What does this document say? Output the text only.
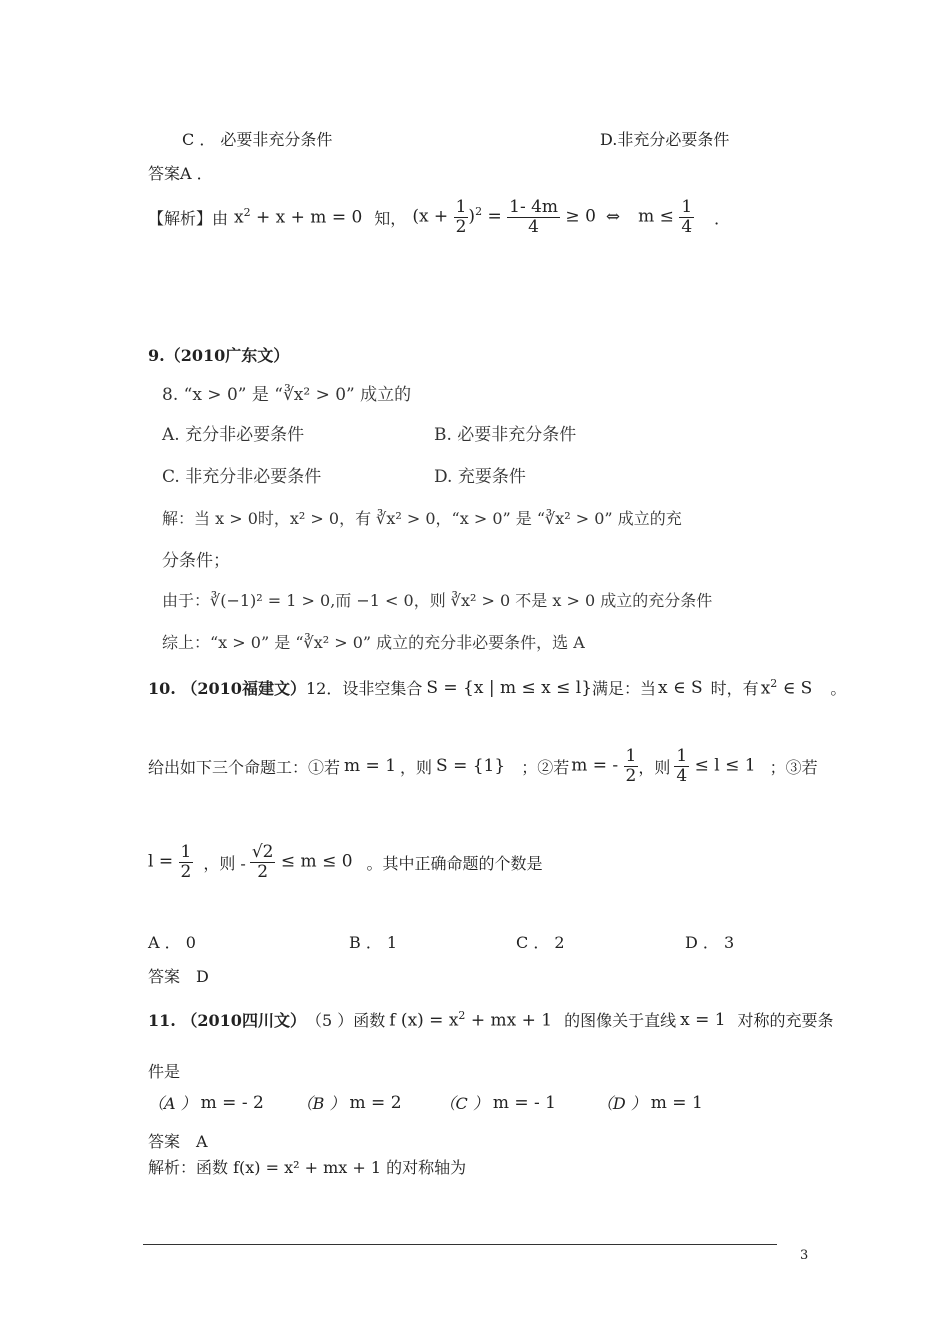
C ． 必要非充分条件	D.非充分必要条件
答案A ．
【解析】由 $x^2 + x + m = 0$ 知， $(x + \frac{1}{2} )^2 = \frac{1- 4m}{4} \ge 0$ ⇔ $m \le \frac{1}{4}$ ．
9.（2010广东文）
8. “x > 0” 是 “∛x² > 0” 成立的
A. 充分非必要条件	B. 必要非充分条件
C. 非充分非必要条件	D. 充要条件
解：当 x > 0时，x² > 0，有 ∛x² > 0，“x > 0” 是 “∛x² > 0” 成立的充
分条件；
由于：∛(−1)² = 1 > 0,而 −1 < 0，则 ∛x² > 0 不是 x > 0 成立的充分条件
综上：“x > 0” 是 “∛x² > 0” 成立的充分非必要条件，选 A
10. （2010福建文） 12．设非空集合 S = {x | m ≤ x ≤ l} 满足：当 x ∈ S 时，有 $x^2$ ∈ S 。
给出如下三个命题工：①若 m = 1 ，则 S = {1} ；②若 m = - $\frac{1}{2}$ ，则 $\frac{1}{4} \le l \le 1$ ；③若
$l = \frac{1}{2}$ ，则 - $\frac{√2}{2} \le m \le 0$ 。其中正确命题的个数是
A ． 0	B ． 1	C ． 2	D ． 3
答案　D
11. （2010四川文） （5 ）函数 f $(x) = x^2$ + mx + 1 的图像关于直线 x = 1 对称的充要条
件是
（A ） m = - 2	（B ） m = 2	（C ） m = - 1	（D ） m = 1
答案　A
解析：函数 f(x) = x² + mx + 1 的对称轴为
3
